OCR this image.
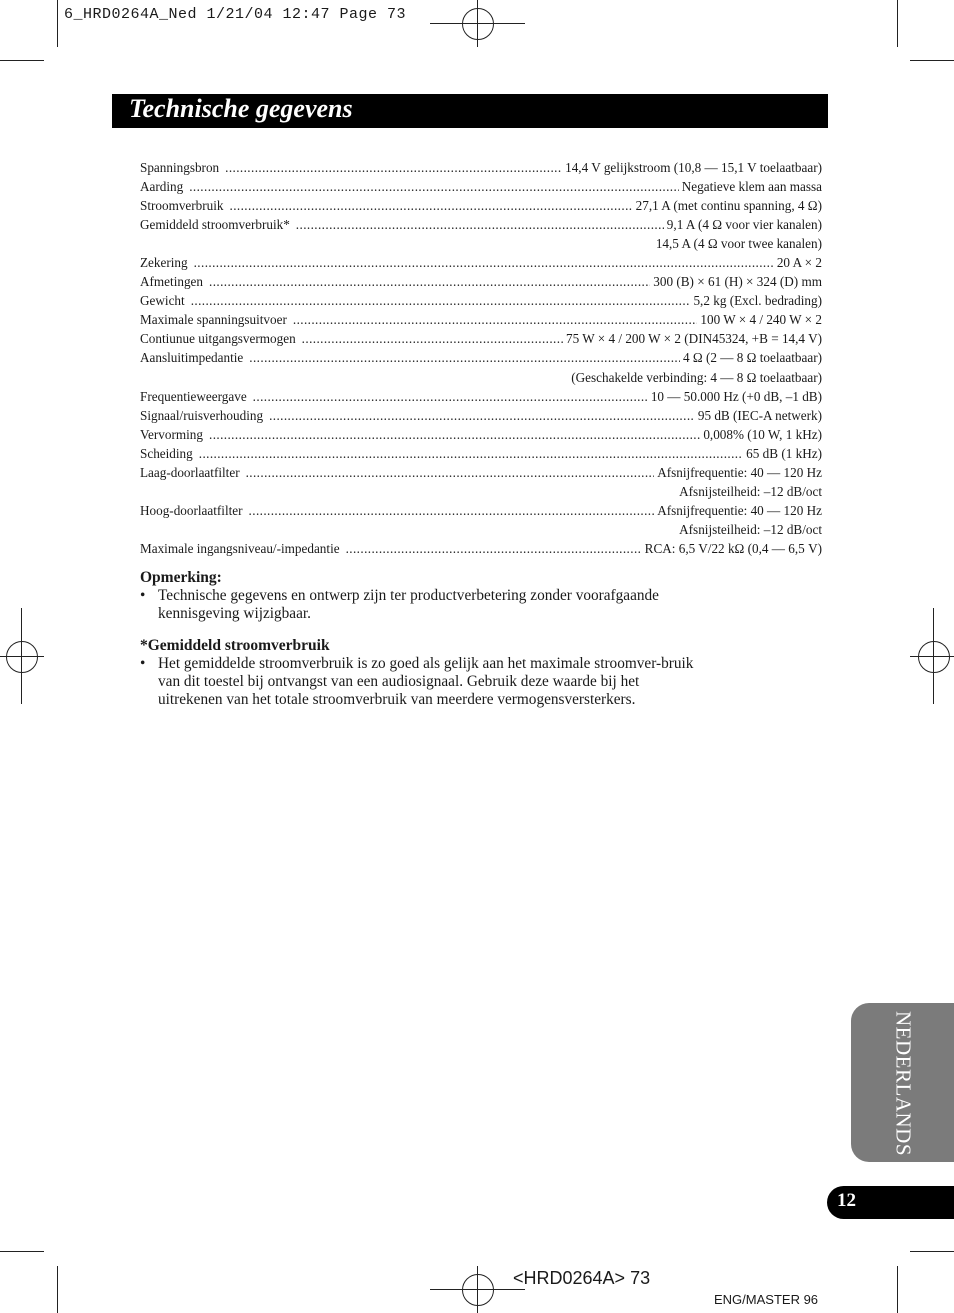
6_HRD0264A_Ned 1/21/04 12:47 Page 73
Technische gegevens
Spanningsbron .....	14,4 V gelijkstroom (10,8 — 15,1 V toelaatbaar)
Aarding .....	Negatieve klem aan massa
Stroomverbruik .....	27,1 A (met continu spanning, 4 Ω)
Gemiddeld stroomverbruik* .....	9,1 A (4 Ω voor vier kanalen)
14,5 A (4 Ω voor twee kanalen)
Zekering .....	20 A × 2
Afmetingen .....	300 (B) × 61 (H) × 324 (D) mm
Gewicht .....	5,2 kg (Excl. bedrading)
Maximale spanningsuitvoer .....	100 W × 4 / 240 W × 2
Contiunue uitgangsvermogen .....	75 W × 4 / 200 W × 2 (DIN45324, +B = 14,4 V)
Aansluitimpedantie .....	4 Ω (2 — 8 Ω toelaatbaar)
(Geschakelde verbinding: 4 — 8 Ω toelaatbaar)
Frequentieweergave .....	10 — 50.000 Hz (+0 dB, –1 dB)
Signaal/ruisverhouding .....	95 dB (IEC-A netwerk)
Vervorming .....	0,008% (10 W, 1 kHz)
Scheiding .....	65 dB (1 kHz)
Laag-doorlaatfilter .....	Afsnijfrequentie: 40 — 120 Hz
Afsnijsteilheid: –12 dB/oct
Hoog-doorlaatfilter .....	Afsnijfrequentie: 40 — 120 Hz
Afsnijsteilheid: –12 dB/oct
Maximale ingangsniveau/-impedantie .....	RCA: 6,5 V/22 kΩ (0,4 — 6,5 V)
Opmerking:
• Technische gegevens en ontwerp zijn ter productverbetering zonder voorafgaande kennisgeving wijzigbaar.
*Gemiddeld stroomverbruik
• Het gemiddelde stroomverbruik is zo goed als gelijk aan het maximale stroomver-bruik van dit toestel bij ontvangst van een audiosignaal. Gebruik deze waarde bij het uitrekenen van het totale stroomverbruik van meerdere vermogensversterkers.
NEDERLANDS
12
<HRD0264A> 73
ENG/MASTER 96
